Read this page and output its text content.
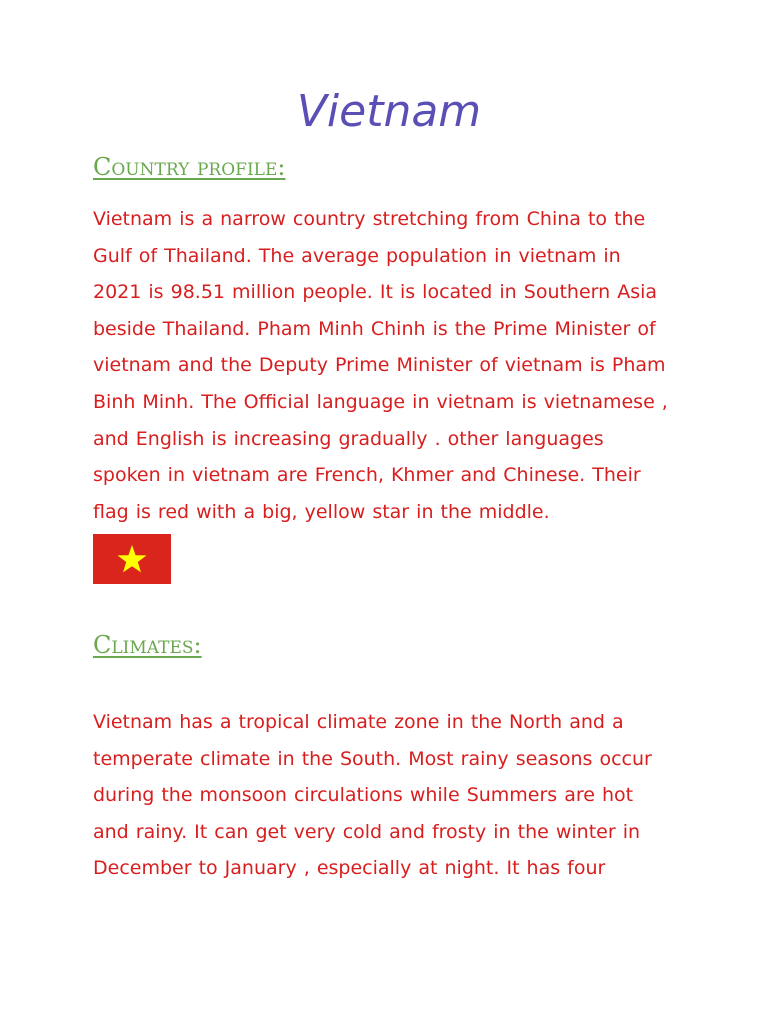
Vietnam
Country profile:

Vietnam is a narrow country stretching from China to the Gulf of Thailand. The average population in vietnam in 2021 is 98.51 million people. It is located in Southern Asia beside Thailand. Pham Minh Chinh is the Prime Minister of vietnam and the Deputy Prime Minister of vietnam is Pham Binh Minh. The Official language in vietnam is vietnamese , and English is increasing gradually . other languages spoken in vietnam are French, Khmer and Chinese. Their flag is red with a big, yellow star in the middle.

Climates:

Vietnam has a tropical climate zone in the North and a temperate climate in the South. Most rainy seasons occur during the monsoon circulations while Summers are hot and rainy. It can get very cold and frosty in the winter in December to January , especially at night. It has four
